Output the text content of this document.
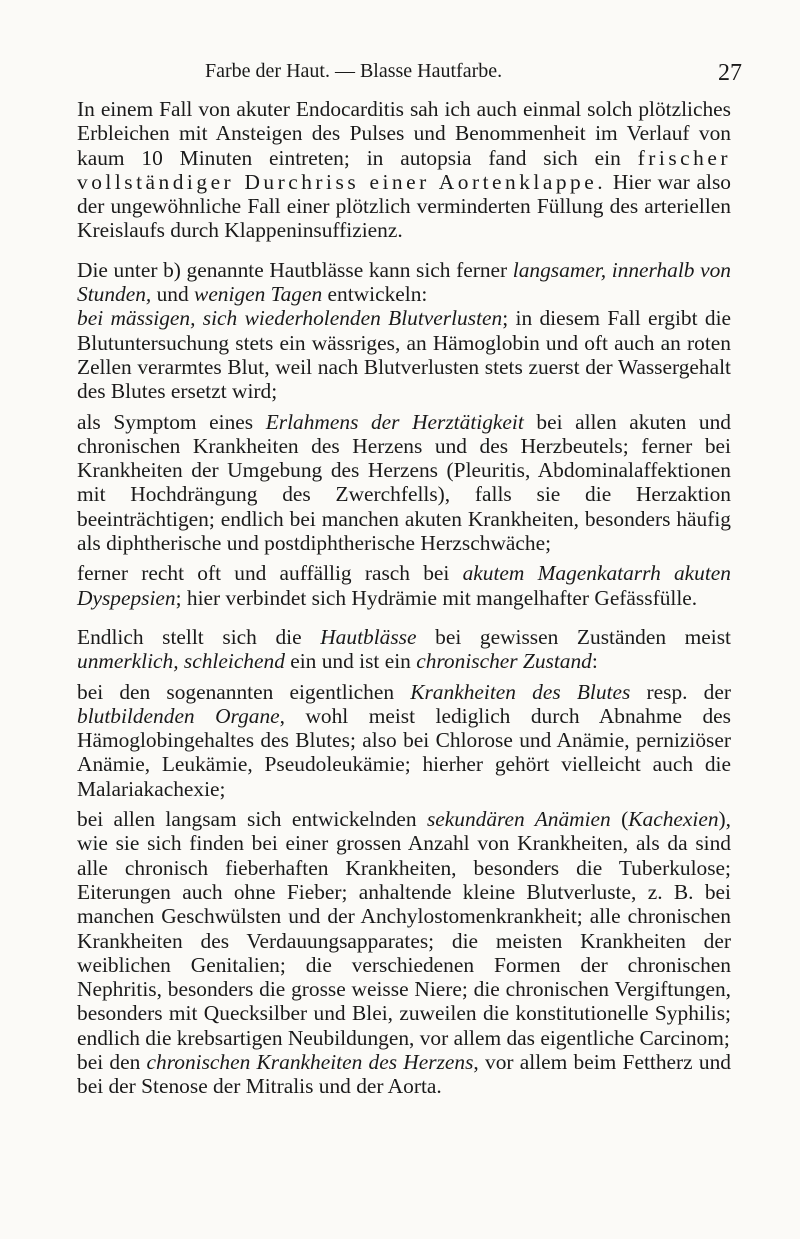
Farbe der Haut. — Blasse Hautfarbe.	27

In einem Fall von akuter Endocarditis sah ich auch einmal solch plötzliches Erbleichen mit Ansteigen des Pulses und Benommenheit im Verlauf von kaum 10 Minuten eintreten; in autopsia fand sich ein frischer vollständiger Durchriss einer Aortenklappe. Hier war also der ungewöhnliche Fall einer plötzlich verminderten Füllung des arteriellen Kreislaufs durch Klappeninsuffizienz.

Die unter b) genannte Hautblässe kann sich ferner langsamer, innerhalb von Stunden, und wenigen Tagen entwickeln:

bei mässigen, sich wiederholenden Blutverlusten; in diesem Fall ergibt die Blutuntersuchung stets ein wässriges, an Hämoglobin und oft auch an roten Zellen verarmtes Blut, weil nach Blutverlusten stets zuerst der Wassergehalt des Blutes ersetzt wird;

als Symptom eines Erlahmens der Herztätigkeit bei allen akuten und chronischen Krankheiten des Herzens und des Herzbeutels; ferner bei Krankheiten der Umgebung des Herzens (Pleuritis, Abdominalaffektionen mit Hochdrängung des Zwerchfells), falls sie die Herzaktion beeinträchtigen; endlich bei manchen akuten Krankheiten, besonders häufig als diphtherische und postdiphtherische Herzschwäche;

ferner recht oft und auffällig rasch bei akutem Magenkatarrh akuten Dyspepsien; hier verbindet sich Hydrämie mit mangelhafter Gefässfülle.

Endlich stellt sich die Hautblässe bei gewissen Zuständen meist unmerklich, schleichend ein und ist ein chronischer Zustand:

bei den sogenannten eigentlichen Krankheiten des Blutes resp. der blutbildenden Organe, wohl meist lediglich durch Abnahme des Hämoglobingehaltes des Blutes; also bei Chlorose und Anämie, perniziöser Anämie, Leukämie, Pseudoleukämie; hierher gehört vielleicht auch die Malariakachexie;

bei allen langsam sich entwickelnden sekundären Anämien (Kachexien), wie sie sich finden bei einer grossen Anzahl von Krankheiten, als da sind alle chronisch fieberhaften Krankheiten, besonders die Tuberkulose; Eiterungen auch ohne Fieber; anhaltende kleine Blutverluste, z. B. bei manchen Geschwülsten und der Anchylostomenkrankheit; alle chronischen Krankheiten des Verdauungsapparates; die meisten Krankheiten der weiblichen Genitalien; die verschiedenen Formen der chronischen Nephritis, besonders die grosse weisse Niere; die chronischen Vergiftungen, besonders mit Quecksilber und Blei, zuweilen die konstitutionelle Syphilis; endlich die krebsartigen Neubildungen, vor allem das eigentliche Carcinom;

bei den chronischen Krankheiten des Herzens, vor allem beim Fettherz und bei der Stenose der Mitralis und der Aorta.
